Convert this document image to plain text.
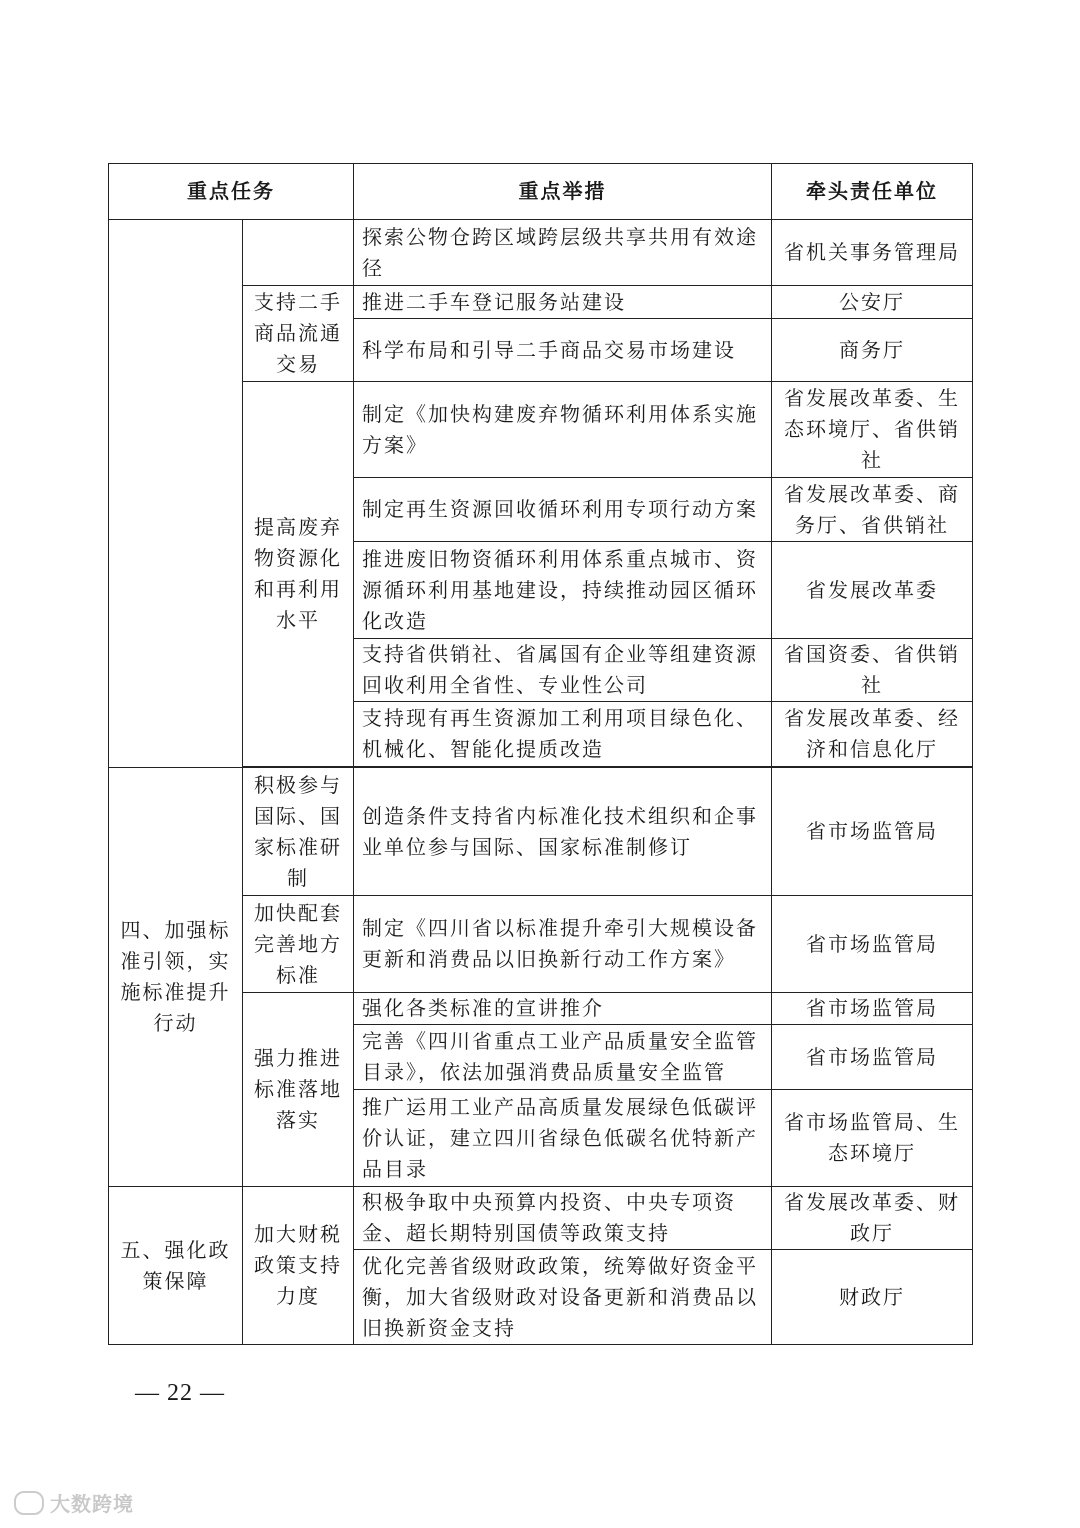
重点任务		重点举措	牵头责任单位
		探索公物仓跨区域跨层级共享共用有效途径	省机关事务管理局
	支持二手商品流通交易	推进二手车登记服务站建设	公安厅
		科学布局和引导二手商品交易市场建设	商务厅
	提高废弃物资源化和再利用水平	制定《加快构建废弃物循环利用体系实施方案》	省发展改革委、生态环境厅、省供销社
		制定再生资源回收循环利用专项行动方案	省发展改革委、商务厅、省供销社
		推进废旧物资循环利用体系重点城市、资源循环利用基地建设，持续推动园区循环化改造	省发展改革委
		支持省供销社、省属国有企业等组建资源回收利用全省性、专业性公司	省国资委、省供销社
		支持现有再生资源加工利用项目绿色化、机械化、智能化提质改造	省发展改革委、经济和信息化厅

四、加强标准引领，实施标准提升行动	积极参与国际、国家标准研制	创造条件支持省内标准化技术组织和企事业单位参与国际、国家标准制修订	省市场监管局
	加快配套完善地方标准	制定《四川省以标准提升牵引大规模设备更新和消费品以旧换新行动工作方案》	省市场监管局
	强力推进标准落地落实	强化各类标准的宣讲推介	省市场监管局
		完善《四川省重点工业产品质量安全监管目录》，依法加强消费品质量安全监管	省市场监管局
		推广运用工业产品高质量发展绿色低碳评价认证，建立四川省绿色低碳名优特新产品目录	省市场监管局、生态环境厅
五、强化政策保障	加大财税政策支持力度	积极争取中央预算内投资、中央专项资金、超长期特别国债等政策支持	省发展改革委、财政厅
		优化完善省级财政政策，统筹做好资金平衡，加大省级财政对设备更新和消费品以旧换新资金支持	财政厅
— 22 —
大数跨境
